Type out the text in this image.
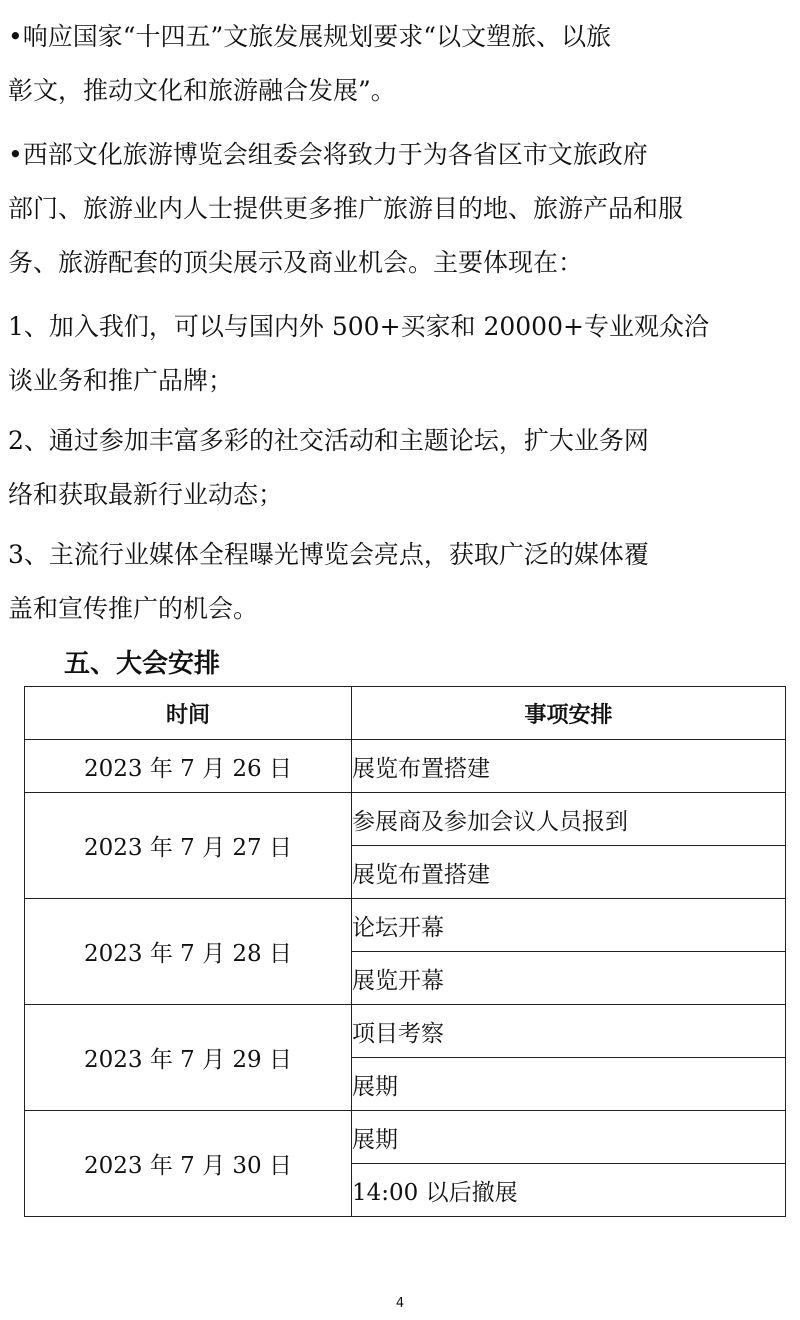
•响应国家“十四五”文旅发展规划要求“以文塑旅、以旅
彰文，推动文化和旅游融合发展”。
•西部文化旅游博览会组委会将致力于为各省区市文旅政府
部门、旅游业内人士提供更多推广旅游目的地、旅游产品和服
务、旅游配套的顶尖展示及商业机会。主要体现在：
1、加入我们，可以与国内外 500+买家和 20000+专业观众洽
谈业务和推广品牌；
2、通过参加丰富多彩的社交活动和主题论坛，扩大业务网
络和获取最新行业动态；
3、主流行业媒体全程曝光博览会亮点，获取广泛的媒体覆
盖和宣传推广的机会。
五、大会安排
时间	事项安排
2023 年 7 月 26 日	展览布置搭建
2023 年 7 月 27 日	参展商及参加会议人员报到
	展览布置搭建
2023 年 7 月 28 日	论坛开幕
	展览开幕
2023 年 7 月 29 日	项目考察
	展期
2023 年 7 月 30 日	展期
	14:00 以后撤展
4
